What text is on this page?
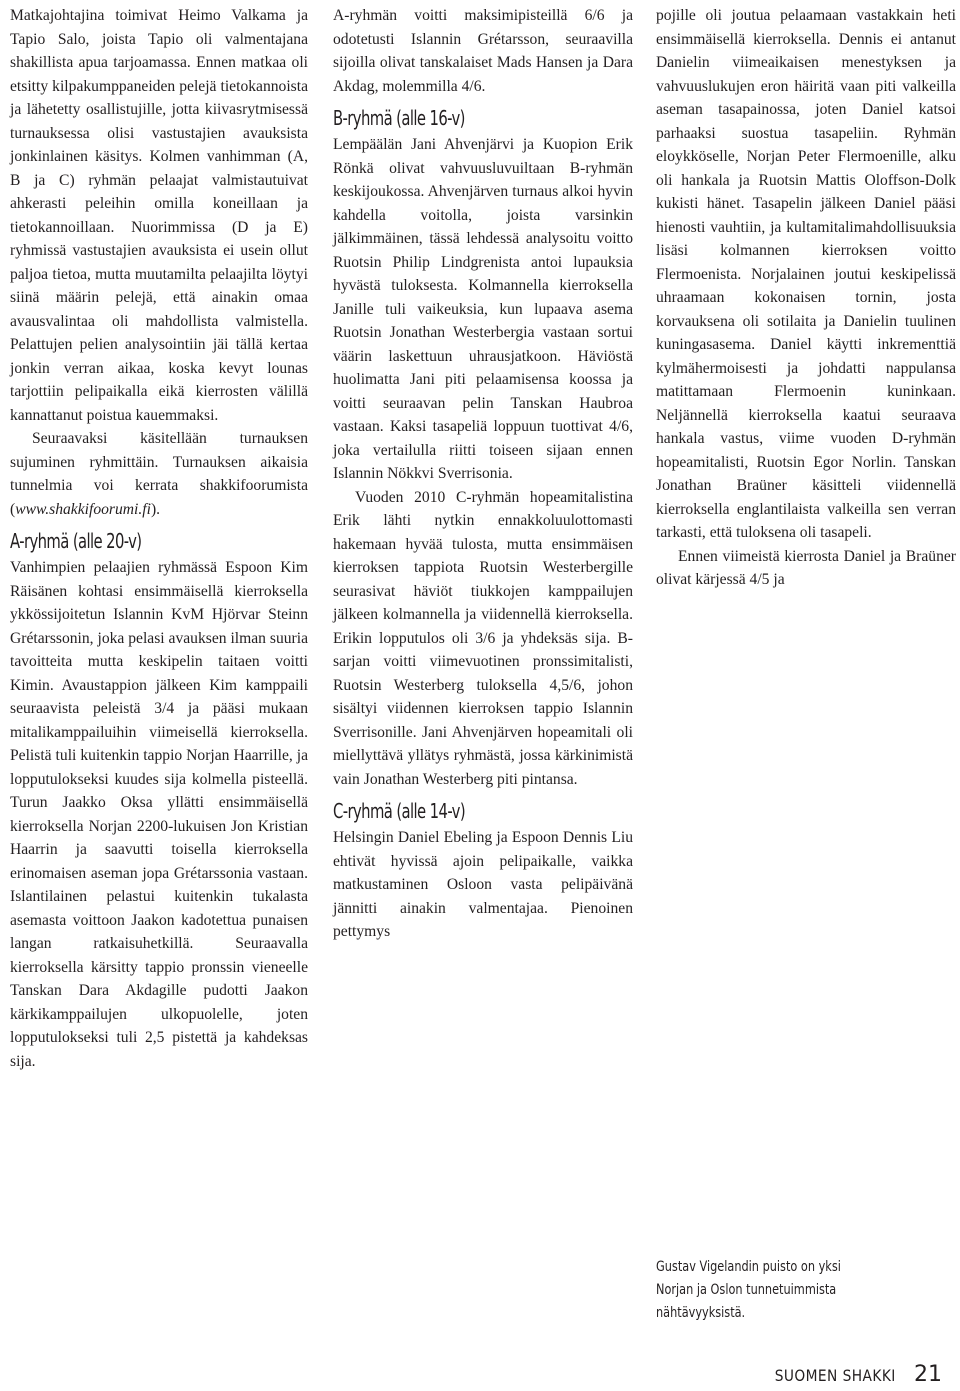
Matkajohtajina toimivat Heimo Valkama ja Tapio Salo, joista Tapio oli valmentajana shakillista apua tarjoamassa. Ennen matkaa oli etsitty kilpakumppaneiden pelejä tietokannoista ja lähetetty osallistujille, jotta kiivasrytmisessä turnauksessa olisi vastustajien avauksista jonkinlainen käsitys. Kolmen vanhimman (A, B ja C) ryhmän pelaajat valmistautuivat ahkerasti peleihin omilla koneillaan ja tietokannoillaan. Nuorimmissa (D ja E) ryhmissä vastustajien avauksista ei usein ollut paljoa tietoa, mutta muutamilta pelaajilta löytyi siinä määrin pelejä, että ainakin omaa avausvalintaa oli mahdollista valmistella. Pelattujen pelien analysointiin jäi tällä kertaa jonkin verran aikaa, koska kevyt lounas tarjottiin pelipaikalla eikä kierrosten välillä kannattanut poistua kauemmaksi.

Seuraavaksi käsitellään turnauksen sujuminen ryhmittäin. Turnauksen aikaisia tunnelmia voi kerrata shakkifoorumista (www.shakkifoorumi.fi).

A-ryhmä (alle 20-v)

Vanhimpien pelaajien ryhmässä Espoon Kim Räisänen kohtasi ensimmäisellä kierroksella ykkössijoitetun Islannin KvM Hjörvar Steinn Grétarssonin, joka pelasi avauksen ilman suuria tavoitteita mutta keskipelin taitaen voitti Kimin. Avaustappion jälkeen Kim kamppaili seuraavista peleistä 3/4 ja pääsi mukaan mitalikamppailuihin viimeisellä kierroksella. Pelistä tuli kuitenkin tappio Norjan Haarrille, ja lopputulokseksi kuudes sija kolmella pisteellä. Turun Jaakko Oksa yllätti ensimmäisellä kierroksella Norjan 2200-lukuisen Jon Kristian Haarrin ja saavutti toisella kierroksella erinomaisen aseman jopa Grétarssonia vastaan. Islantilainen pelastui kuitenkin tukalasta asemasta voittoon Jaakon kadotettua punaisen langan ratkaisuhetkillä. Seuraavalla kierroksella kärsitty tappio pronssin vieneelle Tanskan Dara Akdagille pudotti Jaakon kärkikamppailujen ulkopuolelle, joten lopputulokseksi tuli 2,5 pistettä ja kahdeksas sija.

A-ryhmän voitti maksimipisteillä 6/6 ja odotetusti Islannin Grétarsson, seuraavilla sijoilla olivat tanskalaiset Mads Hansen ja Dara Akdag, molemmilla 4/6.

B-ryhmä (alle 16-v)

Lempäälän Jani Ahvenjärvi ja Kuopion Erik Rönkä olivat vahvuusluvuiltaan B-ryhmän keskijoukossa. Ahvenjärven turnaus alkoi hyvin kahdella voitolla, joista varsinkin jälkimmäinen, tässä lehdessä analysoitu voitto Ruotsin Philip Lindgrenista antoi lupauksia hyvästä tuloksesta. Kolmannella kierroksella Janille tuli vaikeuksia, kun lupaava asema Ruotsin Jonathan Westerbergia vastaan sortui väärin laskettuun uhrausjatkoon. Häviöstä huolimatta Jani piti pelaamisensa koossa ja voitti seuraavan pelin Tanskan Haubroa vastaan. Kaksi tasapeliä loppuun tuottivat 4/6, joka vertailulla riitti toiseen sijaan ennen Islannin Nökkvi Sverrisonia.

Vuoden 2010 C-ryhmän hopeamitalistina Erik lähti nytkin ennakkoluulottomasti hakemaan hyvää tulosta, mutta ensimmäisen kierroksen tappiota Ruotsin Westerbergille seurasivat häviöt tiukkojen kamppailujen jälkeen kolmannella ja viidennellä kierroksella. Erikin lopputulos oli 3/6 ja yhdeksäs sija. B-sarjan voitti viimevuotinen pronssimitalisti, Ruotsin Westerberg tuloksella 4,5/6, johon sisältyi viidennen kierroksen tappio Islannin Sverrisonille. Jani Ahvenjärven hopeamitali oli miellyttävä yllätys ryhmästä, jossa kärkinimistä vain Jonathan Westerberg piti pintansa.

C-ryhmä (alle 14-v)

Helsingin Daniel Ebeling ja Espoon Dennis Liu ehtivät hyvissä ajoin pelipaikalle, vaikka matkustaminen Osloon vasta pelipäivänä jännitti ainakin valmentajaa. Pienoinen pettymys

pojille oli joutua pelaamaan vastakkain heti ensimmäisellä kierroksella. Dennis ei antanut Danielin viimeaikaisen menestyksen ja vahvuuslukujen eron häiritä vaan piti valkeilla aseman tasapainossa, joten Daniel katsoi parhaaksi suostua tasapeliin. Ryhmän eloykköselle, Norjan Peter Flermoenille, alku oli hankala ja Ruotsin Mattis Oloffson-Dolk kukisti hänet. Tasapelin jälkeen Daniel pääsi hienosti vauhtiin, ja kultamitalimahdollisuuksia lisäsi kolmannen kierroksen voitto Flermoenista. Norjalainen joutui keskipelissä uhraamaan kokonaisen tornin, josta korvauksena oli sotilaita ja Danielin tuulinen kuningasasema. Daniel käytti inkrementtiä kylmähermoisesti ja johdatti nappulansa matittamaan Flermoenin kuninkaan. Neljännellä kierroksella kaatui seuraava hankala vastus, viime vuoden D-ryhmän hopeamitalisti, Ruotsin Egor Norlin. Tanskan Jonathan Braüner käsitteli viidennellä kierroksella englantilaista valkeilla sen verran tarkasti, että tuloksena oli tasapeli.

Ennen viimeistä kierrosta Daniel ja Braüner olivat kärjessä 4/5 ja

Gustav Vigelandin puisto on yksi

Norjan ja Oslon tunnetuimmista

nähtävyyksistä.

SUOMEN SHAKKI 21
